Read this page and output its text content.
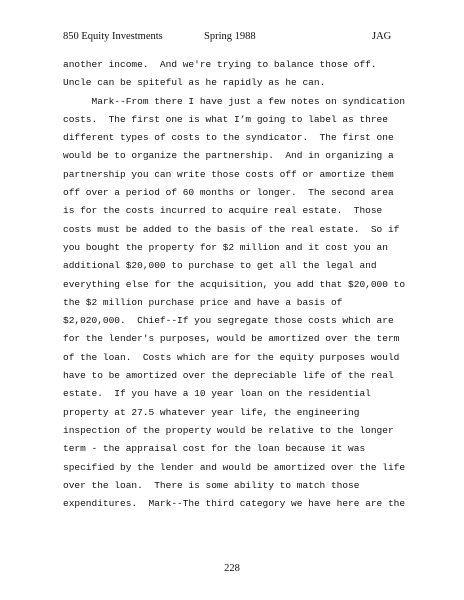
850 Equity Investments	Spring 1988	JAG
another income.  And we're trying to balance those off.
Uncle can be spiteful as he rapidly as he can.
Mark--From there I have just a few notes on syndication
costs.  The first one is what I’m going to label as three
different types of costs to the syndicator.  The first one
would be to organize the partnership.  And in organizing a
partnership you can write those costs off or amortize them
off over a period of 60 months or longer.  The second area
is for the costs incurred to acquire real estate.  Those
costs must be added to the basis of the real estate.  So if
you bought the property for $2 million and it cost you an
additional $20,000 to purchase to get all the legal and
everything else for the acquisition, you add that $20,000 to
the $2 million purchase price and have a basis of
$2,020,000.  Chief--If you segregate those costs which are
for the lender's purposes, would be amortized over the term
of the loan.  Costs which are for the equity purposes would
have to be amortized over the depreciable life of the real
estate.  If you have a 10 year loan on the residential
property at 27.5 whatever year life, the engineering
inspection of the property would be relative to the longer
term - the appraisal cost for the loan because it was
specified by the lender and would be amortized over the life
over the loan.  There is some ability to match those
expenditures.  Mark--The third category we have here are the
228
